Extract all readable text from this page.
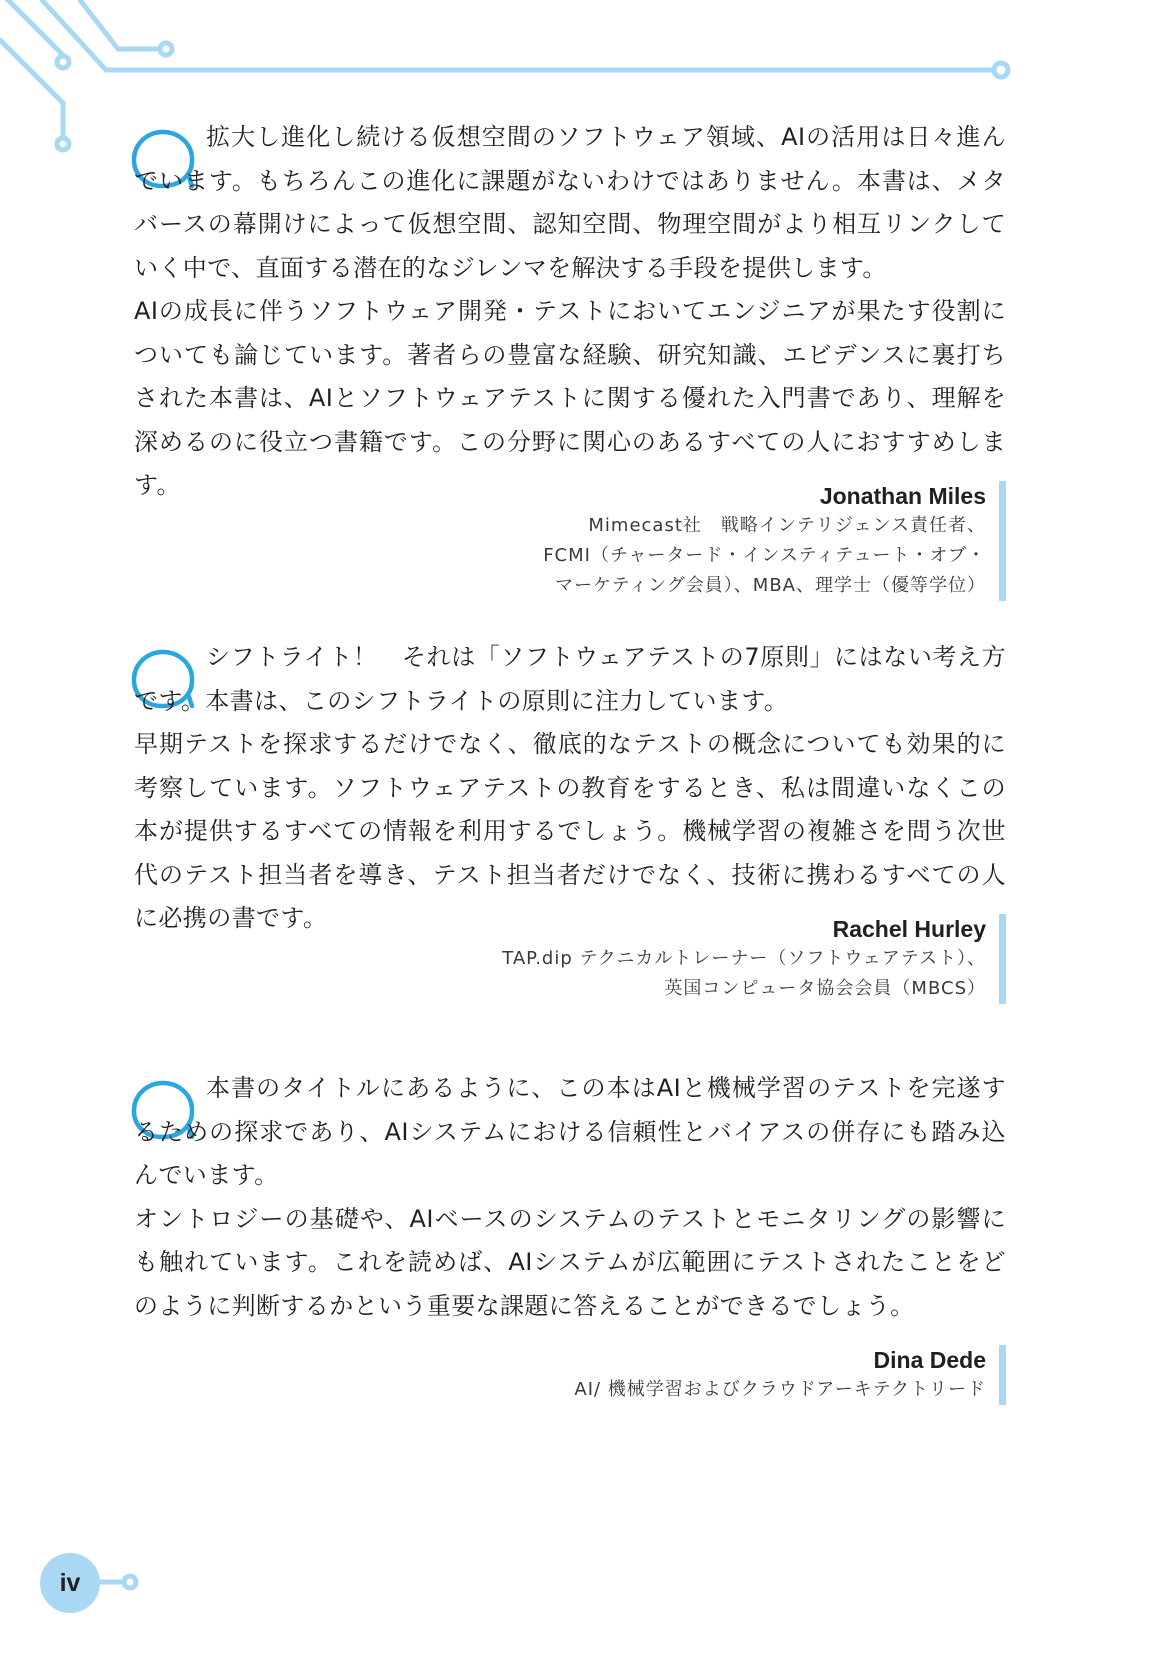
拡大し進化し続ける仮想空間のソフトウェア領域、AIの活用は日々進んでいます。もちろんこの進化に課題がないわけではありません。本書は、メタバースの幕開けによって仮想空間、認知空間、物理空間がより相互リンクしていく中で、直面する潜在的なジレンマを解決する手段を提供します。

AIの成長に伴うソフトウェア開発・テストにおいてエンジニアが果たす役割についても論じています。著者らの豊富な経験、研究知識、エビデンスに裏打ちされた本書は、AIとソフトウェアテストに関する優れた入門書であり、理解を深めるのに役立つ書籍です。この分野に関心のあるすべての人におすすめします。	Jonathan Miles
Mimecast社　戦略インテリジェンス責任者、
FCMI（チャータード・インスティテュート・オブ・
マーケティング会員）、MBA、理学士（優等学位）

シフトライト！　それは「ソフトウェアテストの7原則」にはない考え方です。本書は、このシフトライトの原則に注力しています。

早期テストを探求するだけでなく、徹底的なテストの概念についても効果的に考察しています。ソフトウェアテストの教育をするとき、私は間違いなくこの本が提供するすべての情報を利用するでしょう。機械学習の複雑さを問う次世代のテスト担当者を導き、テスト担当者だけでなく、技術に携わるすべての人に必携の書です。	Rachel Hurley
TAP.dip テクニカルトレーナー（ソフトウェアテスト）、
英国コンピュータ協会会員（MBCS）

本書のタイトルにあるように、この本はAIと機械学習のテストを完遂するための探求であり、AIシステムにおける信頼性とバイアスの併存にも踏み込んでいます。

オントロジーの基礎や、AIベースのシステムのテストとモニタリングの影響にも触れています。これを読めば、AIシステムが広範囲にテストされたことをどのように判断するかという重要な課題に答えることができるでしょう。

Dina Dede
AI/ 機械学習およびクラウドアーキテクトリード
iv
